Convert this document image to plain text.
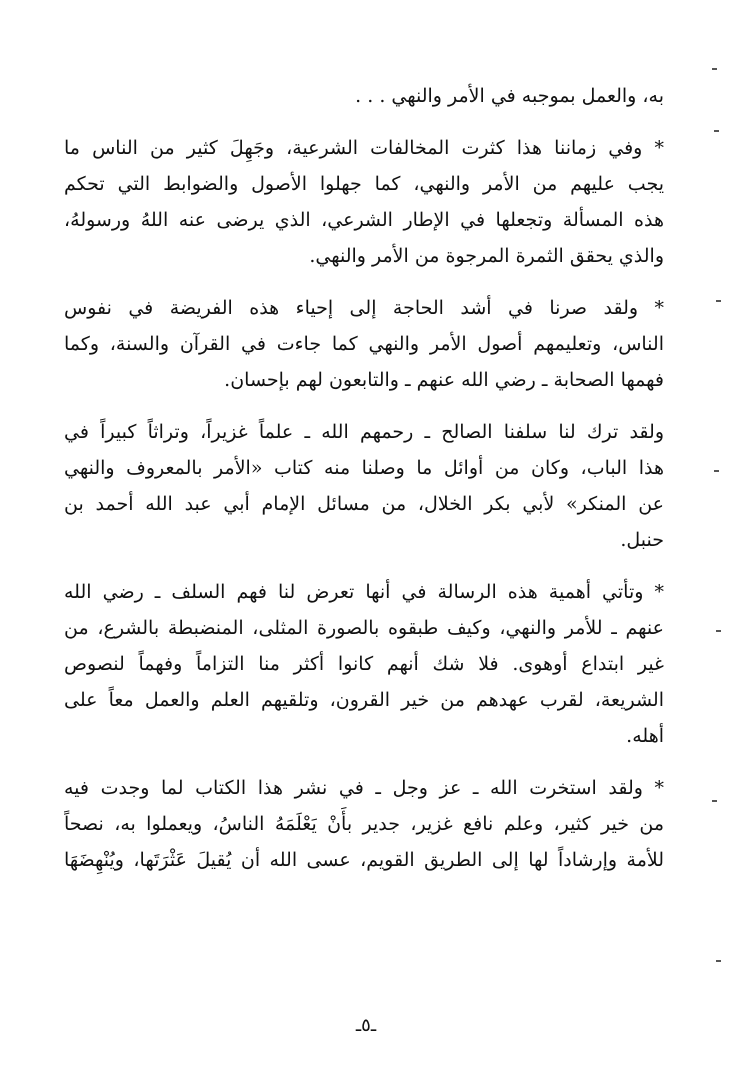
به، والعمل بموجبه في الأمر والنهي . . .
* وفي زماننا هذا كثرت المخالفات الشرعية، وجَهِلَ كثير من الناس ما
يجب عليهم من الأمر والنهي، كما جهلوا الأصول والضوابط التي تحكم
هذه المسألة وتجعلها في الإطار الشرعي، الذي يرضى عنه اللهُ ورسولهُ،
والذي يحقق الثمرة المرجوة من الأمر والنهي.
* ولقد صرنا في أشد الحاجة إلى إحياء هذه الفريضة في نفوس
الناس، وتعليمهم أصول الأمر والنهي كما جاءت في القرآن والسنة، وكما
فهمها الصحابة ـ رضي الله عنهم ـ والتابعون لهم بإحسان.
ولقد ترك لنا سلفنا الصالح ـ رحمهم الله ـ علماً غزيراً، وتراثاً كبيراً في
هذا الباب، وكان من أوائل ما وصلنا منه كتاب «الأمر بالمعروف والنهي
عن المنكر» لأبي بكر الخلال، من مسائل الإمام أبي عبد الله أحمد بن
حنبل.
* وتأتي أهمية هذه الرسالة في أنها تعرض لنا فهم السلف ـ رضي الله
عنهم ـ للأمر والنهي، وكيف طبقوه بالصورة المثلى، المنضبطة بالشرع، من
غير ابتداع أوهوى. فلا شك أنهم كانوا أكثر منا التزاماً وفهماً لنصوص
الشريعة، لقرب عهدهم من خير القرون، وتلقيهم العلم والعمل معاً على
أهله.
* ولقد استخرت الله ـ عز وجل ـ في نشر هذا الكتاب لما وجدت فيه
من خير كثير، وعلم نافع غزير، جدير بأَنْ يَعْلَمَهُ الناسُ، ويعملوا به، نصحاً
للأمة وإرشاداً لها إلى الطريق القويم، عسى الله أن يُقيلَ عَثْرَتَها، ويُنْهِضَهَا
ـ٥ـ
